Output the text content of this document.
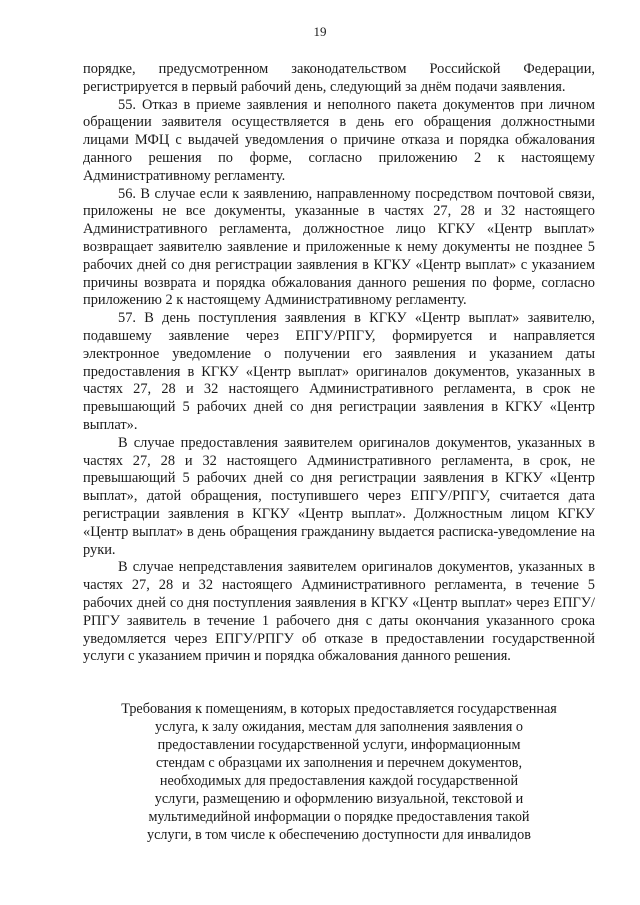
19

порядке, предусмотренном законодательством Российской Федерации, регистрируется в первый рабочий день, следующий за днём подачи заявления.

55. Отказ в приеме заявления и неполного пакета документов при личном обращении заявителя осуществляется в день его обращения должностными лицами МФЦ с выдачей уведомления о причине отказа и порядка обжалования данного решения по форме, согласно приложению 2 к настоящему Административному регламенту.

56. В случае если к заявлению, направленному посредством почтовой связи, приложены не все документы, указанные в частях 27, 28 и 32 настоящего Административного регламента, должностное лицо КГКУ «Центр выплат» возвращает заявителю заявление и приложенные к нему документы не позднее 5 рабочих дней со дня регистрации заявления в КГКУ «Центр выплат» с указанием причины возврата и порядка обжалования данного решения по форме, согласно приложению 2 к настоящему Административному регламенту.

57. В день поступления заявления в КГКУ «Центр выплат» заявителю, подавшему заявление через ЕПГУ/РПГУ, формируется и направляется электронное уведомление о получении его заявления и указанием даты предоставления в КГКУ «Центр выплат» оригиналов документов, указанных в частях 27, 28 и 32 настоящего Административного регламента, в срок не превышающий 5 рабочих дней со дня регистрации заявления в КГКУ «Центр выплат».

В случае предоставления заявителем оригиналов документов, указанных в частях 27, 28 и 32 настоящего Административного регламента, в срок, не превышающий 5 рабочих дней со дня регистрации заявления в КГКУ «Центр выплат», датой обращения, поступившего через ЕПГУ/РПГУ, считается дата регистрации заявления в КГКУ «Центр выплат». Должностным лицом КГКУ «Центр выплат» в день обращения гражданину выдается расписка-уведомление на руки.

В случае непредставления заявителем оригиналов документов, указанных в частях 27, 28 и 32 настоящего Административного регламента, в течение 5 рабочих дней со дня поступления заявления в КГКУ «Центр выплат» через ЕПГУ/РПГУ заявитель в течение 1 рабочего дня с даты окончания указанного срока уведомляется через ЕПГУ/РПГУ об отказе в предоставлении государственной услуги с указанием причин и порядка обжалования данного решения.

Требования к помещениям, в которых предоставляется государственная
услуга, к залу ожидания, местам для заполнения заявления о
предоставлении государственной услуги, информационным
стендам с образцами их заполнения и перечнем документов,
необходимых для предоставления каждой государственной
услуги, размещению и оформлению визуальной, текстовой и
мультимедийной информации о порядке предоставления такой
услуги, в том числе к обеспечению доступности для инвалидов
